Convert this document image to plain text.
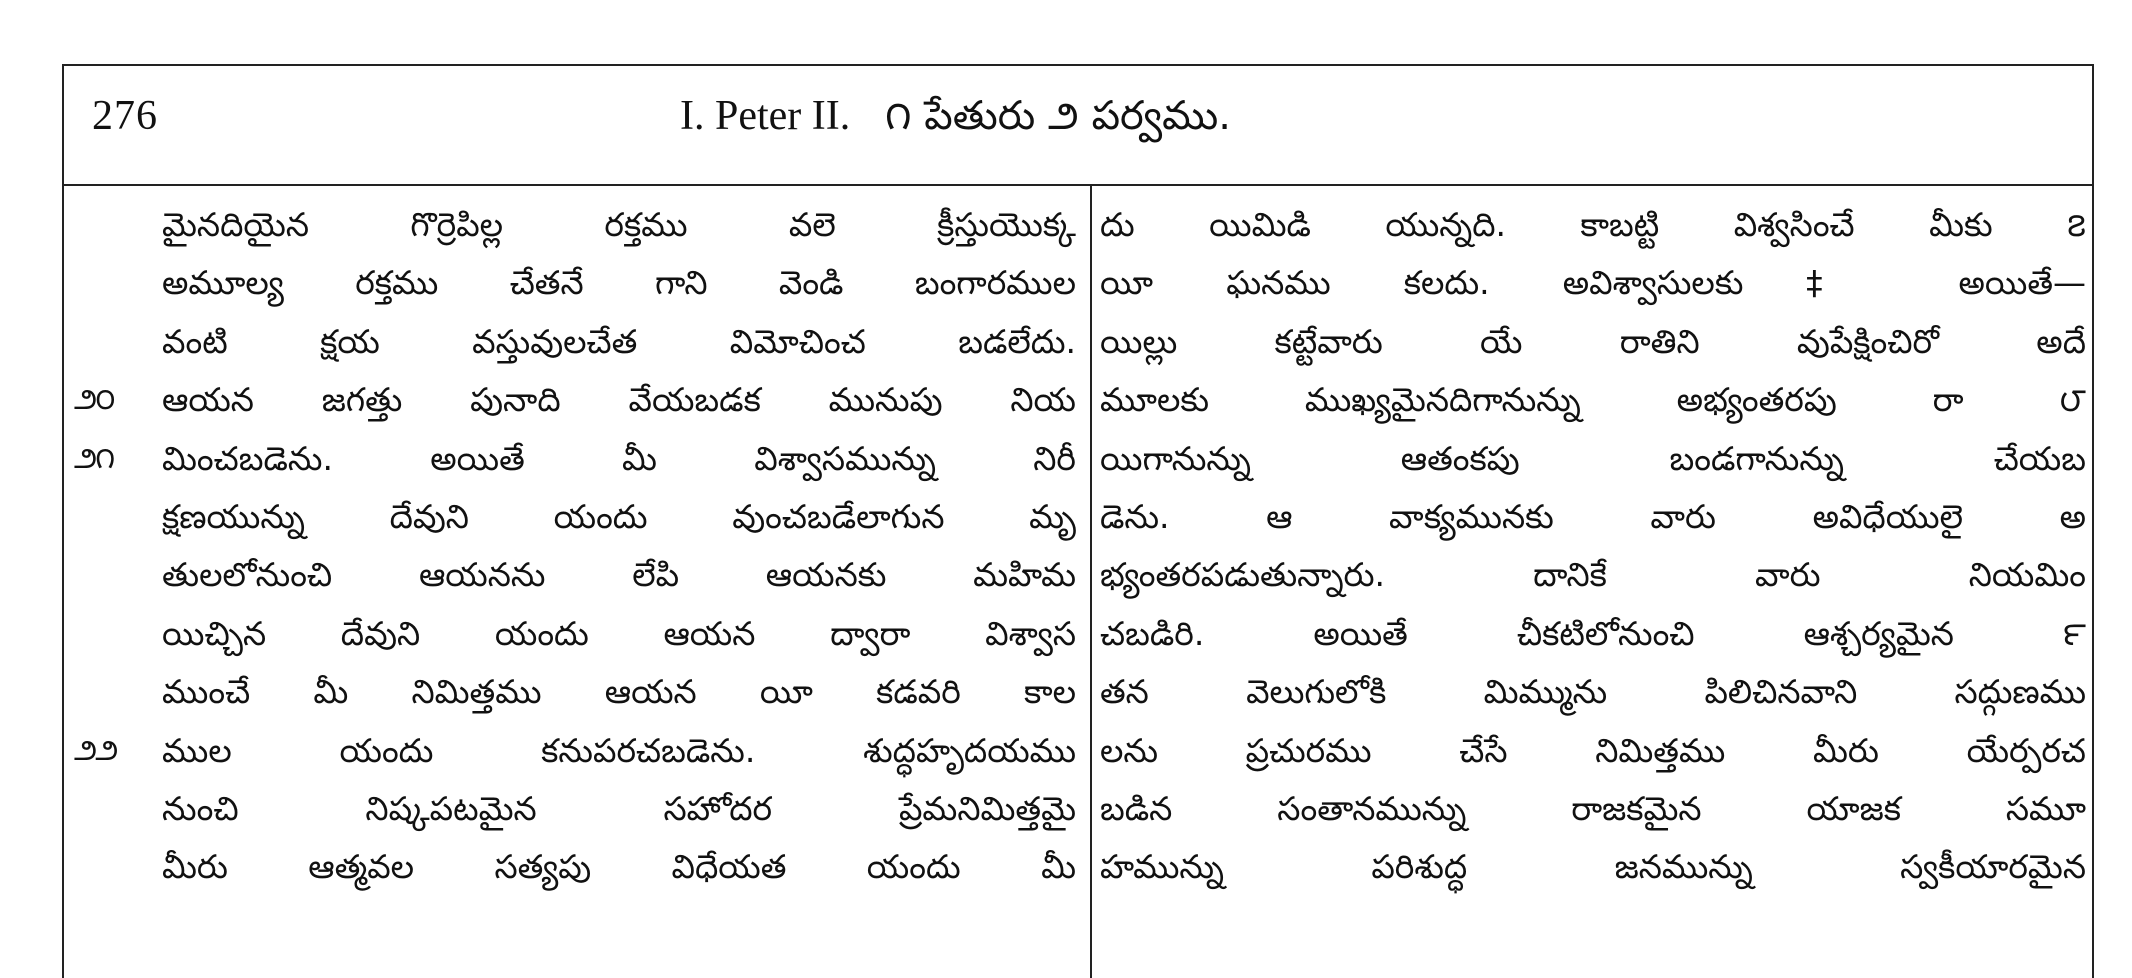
276	I. Peter II. ౧ పేతురు ౨ పర్వము.
మైనదియైన గొర్రెపిల్ల రక్తము వలె క్రీస్తుయొక్క
అమూల్య రక్తము చేతనే గాని వెండి బంగారముల
వంటి క్షయ వస్తువులచేత విమోచించ బడలేదు.
౨౦ ఆయన జగత్తు పునాది వేయబడక మునుపు నియ
౨౧ మించబడెను. అయితే మీ విశ్వాసమున్ను నిరీ
క్షణయున్ను దేవుని యందు వుంచబడేలాగున మృ
తులలోనుంచి ఆయనను లేపి ఆయనకు మహిమ
యిచ్చిన దేవుని యందు ఆయన ద్వారా విశ్వాస
ముంచే మీ నిమిత్తము ఆయన యీ కడవరి కాల
౨౨ ముల యందు కనుపరచబడెను. శుద్ధహృదయము
నుంచి నిష్కపటమైన సహోదర ప్రేమనిమిత్తమై
మీరు ఆత్మవల సత్యపు విధేయత యందు మీ
దు యిమిడి యున్నది. కాబట్టి విశ్వసించే మీకు ౭
యీ ఘనము కలదు. అవిశ్వాసులకు‡ అయితే—
యిల్లు కట్టేవారు యే రాతిని వుపేక్షించిరో అదే
మూలకు ముఖ్యమైనదిగానున్ను అభ్యంతరపు రా ౮
యిగానున్ను ఆతంకపు బండగానున్ను చేయబ
డెను. ఆ వాక్యమునకు వారు అవిధేయులై అ
భ్యంతరపడుతున్నారు. దానికే వారు నియమిం
చబడిరి. అయితే చీకటిలోనుంచి ఆశ్చర్యమైన ౯
తన వెలుగులోకి మిమ్మును పిలిచినవాని సద్గుణము
లను ప్రచురము చేసే నిమిత్తము మీరు యేర్పరచ
బడిన సంతానమున్ను రాజకమైన యాజక సమూ
హమున్ను పరిశుద్ధ జనమున్ను స్వకీయారమైన
